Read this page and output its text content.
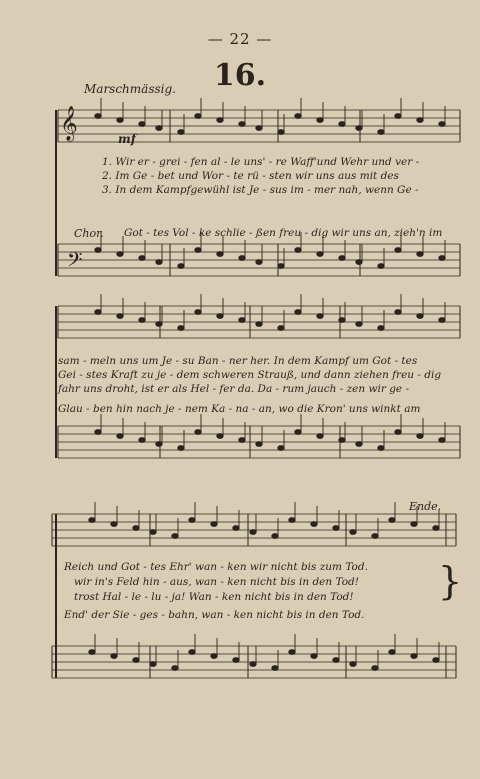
— 22 —
16.
Marschmässig.
mf
Chor.
Ende.
1. Wir er - grei - fen al - le uns' - re Waff'und Wehr und ver -
2. Im Ge - bet und Wor - te rü - sten wir uns aus mit des
3. In dem Kampfgewühl ist Je - sus im - mer nah, wenn Ge -
Got - tes Vol - ke schlie - ßen freu - dig wir uns an, zieh'n im
sam - meln uns um Je - su Ban - ner her. In dem Kampf um Got - tes
Gei - stes Kraft zu je - dem schweren Strauß, und dann ziehen freu - dig
fahr uns droht, ist er als Hel - fer da. Da - rum jauch - zen wir ge -
Glau - ben hin nach je - nem Ka - na - an, wo die Kron' uns winkt am
Reich und Got - tes Ehr' wan - ken wir nicht bis zum Tod.
wir in's Feld hin - aus, wan - ken nicht bis in den Tod!
trost Hal - le - lu - ja! Wan - ken nicht bis in den Tod! }
End' der Sie - ges - bahn, wan - ken nicht bis in den Tod.
𝄞
𝄢
